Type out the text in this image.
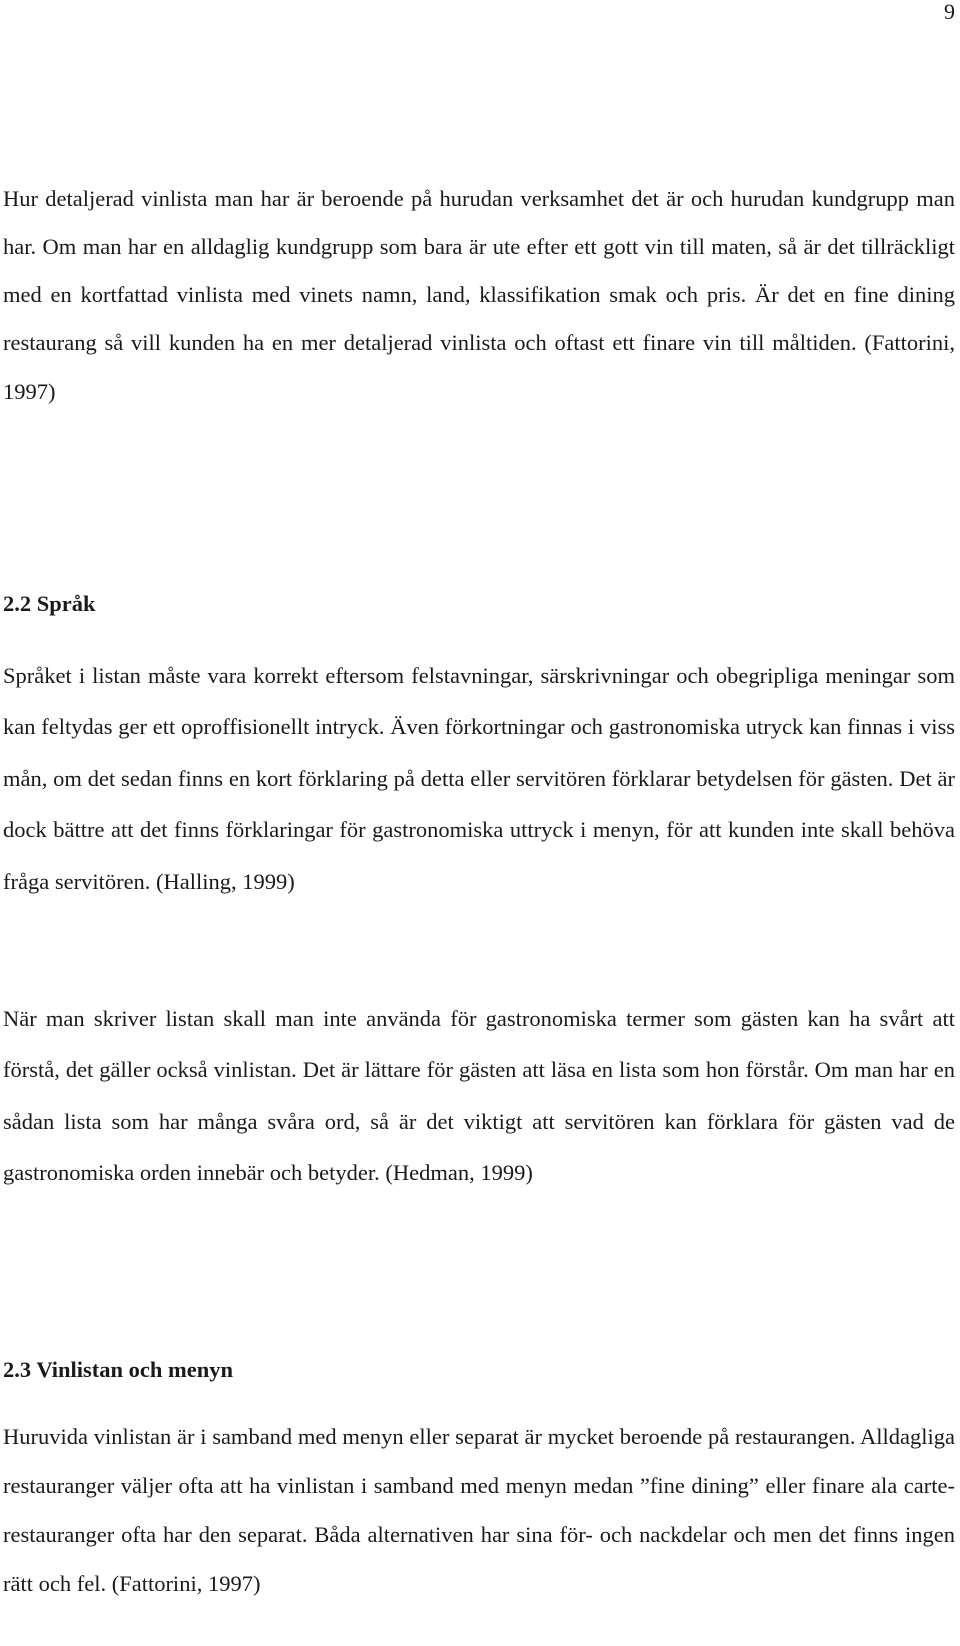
9

Hur detaljerad vinlista man har är beroende på hurudan verksamhet det är och hurudan kundgrupp man har. Om man har en alldaglig kundgrupp som bara är ute efter ett gott vin till maten, så är det tillräckligt med en kortfattad vinlista med vinets namn, land, klassifikation smak och pris. Är det en fine dining restaurang så vill kunden ha en mer detaljerad vinlista och oftast ett finare vin till måltiden. (Fattorini, 1997)

2.2 Språk

Språket i listan måste vara korrekt eftersom felstavningar, särskrivningar och obegripliga meningar som kan feltydas ger ett oproffisionellt intryck. Även förkortningar och gastronomiska utryck kan finnas i viss mån, om det sedan finns en kort förklaring på detta eller servitören förklarar betydelsen för gästen. Det är dock bättre att det finns förklaringar för gastronomiska uttryck i menyn, för att kunden inte skall behöva fråga servitören. (Halling, 1999)

När man skriver listan skall man inte använda för gastronomiska termer som gästen kan ha svårt att förstå, det gäller också vinlistan. Det är lättare för gästen att läsa en lista som hon förstår. Om man har en sådan lista som har många svåra ord, så är det viktigt att servitören kan förklara för gästen vad de gastronomiska orden innebär och betyder. (Hedman, 1999)

2.3 Vinlistan och menyn

Huruvida vinlistan är i samband med menyn eller separat är mycket beroende på restaurangen. Alldagliga restauranger väljer ofta att ha vinlistan i samband med menyn medan ”fine dining” eller finare ala carte-restauranger ofta har den separat. Båda alternativen har sina för- och nackdelar och men det finns ingen rätt och fel. (Fattorini, 1997)
